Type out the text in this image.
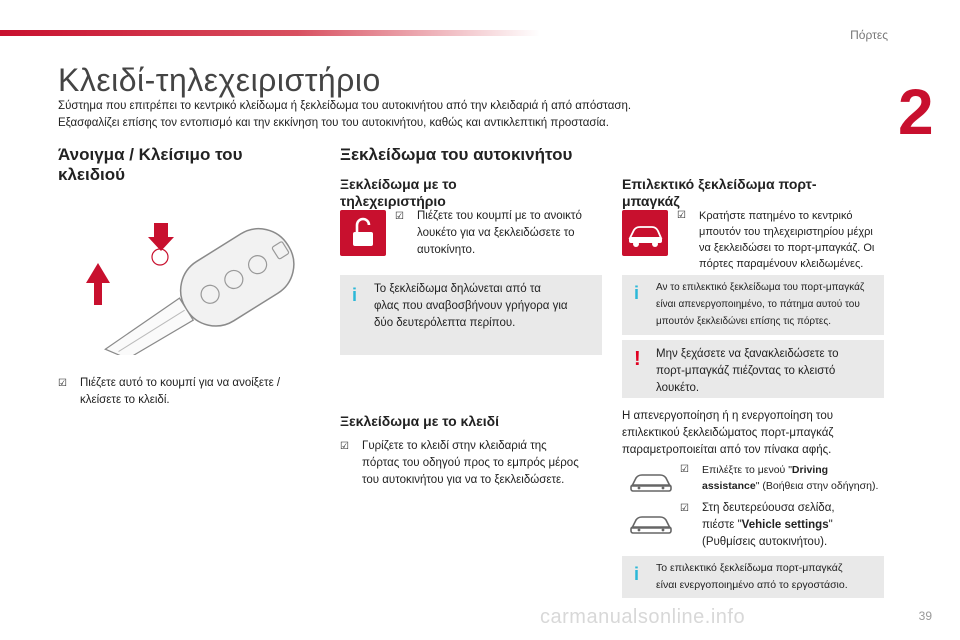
Πόρτες
2
Κλειδί-τηλεχειριστήριο
Σύστημα που επιτρέπει το κεντρικό κλείδωμα ή ξεκλείδωμα του αυτοκινήτου από την κλειδαριά ή από απόσταση.
Εξασφαλίζει επίσης τον εντοπισμό και την εκκίνηση του του αυτοκινήτου, καθώς και αντικλεπτική προστασία.
Άνοιγμα / Κλείσιμο του
κλειδιού
☑ Πιέζετε αυτό το κουμπί για να ανοίξετε /
κλείσετε το κλειδί.
Ξεκλείδωμα του αυτοκινήτου
Ξεκλείδωμα με το
τηλεχειριστήριο
☑ Πιέζετε του κουμπί με το ανοικτό
λουκέτο για να ξεκλειδώσετε το
αυτοκίνητο.
i Το ξεκλείδωμα δηλώνεται από τα
φλας που αναβοσβήνουν γρήγορα για
δύο δευτερόλεπτα περίπου.
Ξεκλείδωμα με το κλειδί
☑ Γυρίζετε το κλειδί στην κλειδαριά της
πόρτας του οδηγού προς το εμπρός μέρος
του αυτοκινήτου για να το ξεκλειδώσετε.
Επιλεκτικό ξεκλείδωμα πορτ-
μπαγκάζ
☑ Κρατήστε πατημένο το κεντρικό
μπουτόν του τηλεχειριστηρίου μέχρι
να ξεκλειδώσει το πορτ-μπαγκάζ. Οι
πόρτες παραμένουν κλειδωμένες.
i Αν το επιλεκτικό ξεκλείδωμα του πορτ-μπαγκάζ
είναι απενεργοποιημένο, το πάτημα αυτού του
μπουτόν ξεκλειδώνει επίσης τις πόρτες.
! Μην ξεχάσετε να ξανακλειδώσετε το
πορτ-μπαγκάζ πιέζοντας το κλειστό
λουκέτο.
Η απενεργοποίηση ή η ενεργοποίηση του
επιλεκτικού ξεκλειδώματος πορτ-μπαγκάζ
παραμετροποιείται από τον πίνακα αφής.
☑ Επιλέξτε το μενού "Driving
assistance" (Βοήθεια στην οδήγηση).
☑ Στη δευτερεύουσα σελίδα,
πιέστε "Vehicle settings"
(Ρυθμίσεις αυτοκινήτου).
i Το επιλεκτικό ξεκλείδωμα πορτ-μπαγκάζ
είναι ενεργοποιημένο από το εργοστάσιο.
carmanualsonline.info	39
